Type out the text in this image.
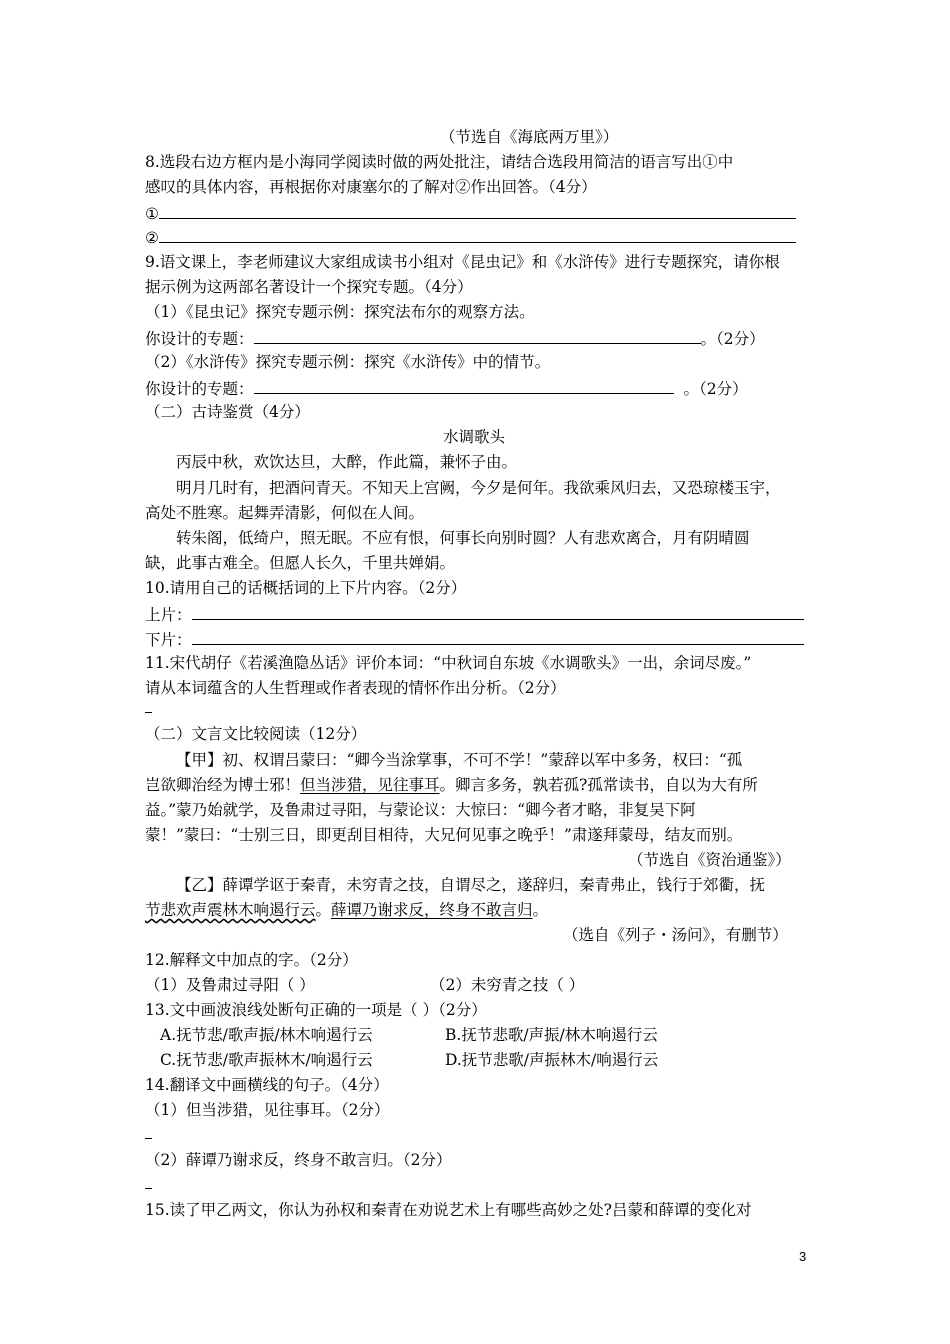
（节选自《海底两万里》）
8.选段右边方框内是小海同学阅读时做的两处批注，请结合选段用简洁的语言写出①中
感叹的具体内容，再根据你对康塞尔的了解对②作出回答。（4分）
①
②
9.语文课上，李老师建议大家组成读书小组对《昆虫记》和《水浒传》进行专题探究，请你根
据示例为这两部名著设计一个探究专题。（4分）
（1）《昆虫记》探究专题示例：探究法布尔的观察方法。
你设计的专题：	。（2分）
（2）《水浒传》探究专题示例：探究《水浒传》中的情节。
你设计的专题：	。（2分）
（二）古诗鉴赏（4分）
水调歌头
丙辰中秋，欢饮达旦，大醉，作此篇，兼怀子由。
明月几时有，把酒问青天。不知天上宫阙，今夕是何年。我欲乘风归去，又恐琼楼玉宇，
高处不胜寒。起舞弄清影，何似在人间。
转朱阁，低绮户，照无眠。不应有恨，何事长向别时圆？人有悲欢离合，月有阴晴圆
缺，此事古难全。但愿人长久，千里共婵娟。
10.请用自己的话概括词的上下片内容。（2分）
上片：
下片：
11.宋代胡仔《若溪渔隐丛话》评价本词：“中秋词自东坡《水调歌头》一出，余词尽废。”
请从本词蕴含的人生哲理或作者表现的情怀作出分析。（2分）
（二）文言文比较阅读（12分）
【甲】初、权谓吕蒙曰：“卿今当涂掌事，不可不学！”蒙辞以军中多务，权曰：“孤
岂欲卿治经为博士邪！但当涉猎，见往事耳。卿言多务，孰若孤?孤常读书，自以为大有所
益。”蒙乃始就学，及鲁肃过寻阳，与蒙论议：大惊曰：“卿今者才略，非复吴下阿
蒙！”蒙曰：“士别三日，即更刮目相待，大兄何见事之晚乎！”肃遂拜蒙母，结友而别。
（节选自《资治通鉴》）
【乙】薛谭学讴于秦青，未穷青之技，自谓尽之，遂辞归，秦青弗止，钱行于郊衢，抚
节悲欢声震林木响遏行云。薛谭乃谢求反，终身不敢言归。
（选自《列子・汤问》，有删节）
12.解释文中加点的字。（2分）
（1）及鲁肃过寻阳（ ）	（2）未穷青之技（ ）
13.文中画波浪线处断句正确的一项是（ ）（2分）
A.抚节悲/歌声振/林木响遏行云	B.抚节悲歌/声振/林木响遏行云
C.抚节悲/歌声振林木/响遏行云	D.抚节悲歌/声振林木/响遏行云
14.翻译文中画横线的句子。（4分）
（1）但当涉猎，见往事耳。（2分）
（2）薛谭乃谢求反，终身不敢言归。（2分）
15.读了甲乙两文，你认为孙权和秦青在劝说艺术上有哪些高妙之处?吕蒙和薛谭的变化对
3
